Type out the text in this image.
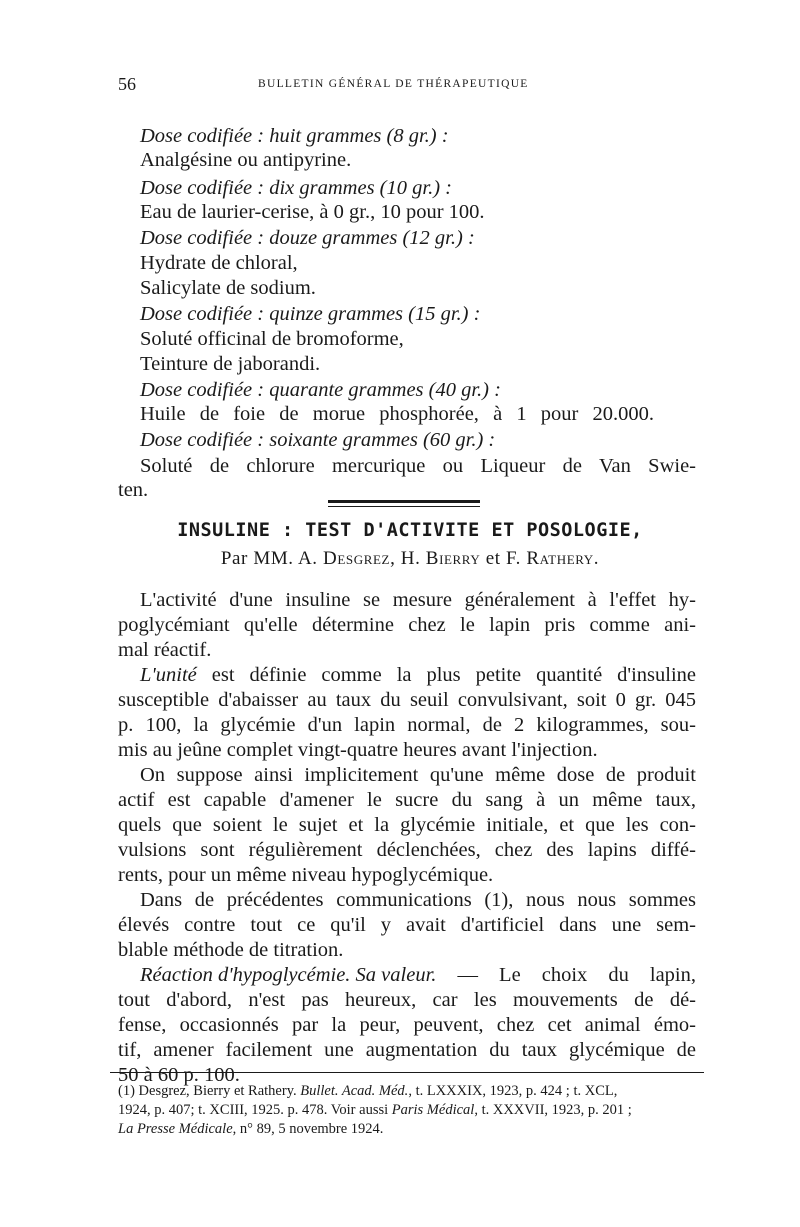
56	BULLETIN GÉNÉRAL DE THÉRAPEUTIQUE
Dose codifiée : huit grammes (8 gr.) :
Analgésine ou antipyrine.
Dose codifiée : dix grammes (10 gr.) :
Eau de laurier-cerise, à 0 gr., 10 pour 100.
Dose codifiée : douze grammes (12 gr.) :
Hydrate de chloral,
Salicylate de sodium.
Dose codifiée : quinze grammes (15 gr.) :
Soluté officinal de bromoforme,
Teinture de jaborandi.
Dose codifiée : quarante grammes (40 gr.) :
Huile de foie de morue phosphorée, à 1 pour 20.000.
Dose codifiée : soixante grammes (60 gr.) :
Soluté de chlorure mercurique ou Liqueur de Van Swie-
ten.
INSULINE : TEST D'ACTIVITE ET POSOLOGIE,
Par MM. A. Desgrez, H. Bierry et F. Rathery.
L'activité d'une insuline se mesure généralement à l'effet hy-
poglycémiant qu'elle détermine chez le lapin pris comme ani-
mal réactif.
L'unité est définie comme la plus petite quantité d'insuline
susceptible d'abaisser au taux du seuil convulsivant, soit 0 gr. 045
p. 100, la glycémie d'un lapin normal, de 2 kilogrammes, sou-
mis au jeûne complet vingt-quatre heures avant l'injection.
On suppose ainsi implicitement qu'une même dose de produit
actif est capable d'amener le sucre du sang à un même taux,
quels que soient le sujet et la glycémie initiale, et que les con-
vulsions sont régulièrement déclenchées, chez des lapins diffé-
rents, pour un même niveau hypoglycémique.
Dans de précédentes communications (1), nous nous sommes
élevés contre tout ce qu'il y avait d'artificiel dans une sem-
blable méthode de titration.
Réaction d'hypoglycémie. Sa valeur. — Le choix du lapin,
tout d'abord, n'est pas heureux, car les mouvements de dé-
fense, occasionnés par la peur, peuvent, chez cet animal émo-
tif, amener facilement une augmentation du taux glycémique de
50 à 60 p. 100.
(1) Desgrez, Bierry et Rathery. Bullet. Acad. Méd. , t. LXXXIX, 1923, p. 424 ; t. XCL,
1924, p. 407; t. XCIII, 1925. p. 478. Voir aussi Paris Médical , t. XXXVII, 1923, p. 201 ;
La Presse Médicale, n° 89, 5 novembre 1924.
